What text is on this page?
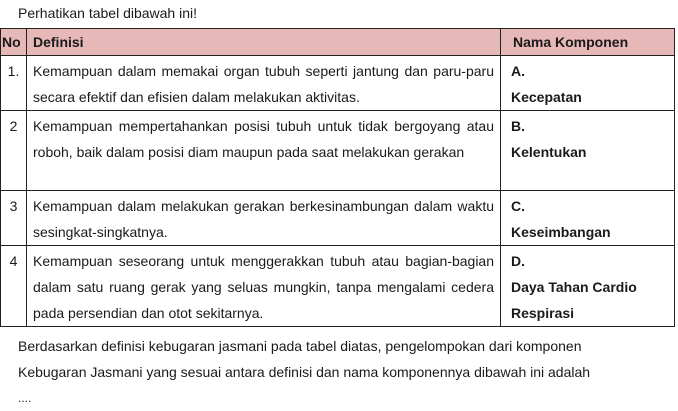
Perhatikan tabel dibawah ini!
No	Definisi	Nama Komponen
1.	Kemampuan dalam memakai organ tubuh seperti jantung dan paru-paru secara efektif dan efisien dalam melakukan aktivitas.	A.Kecepatan
2	Kemampuan mempertahankan posisi tubuh untuk tidak bergoyang atau roboh, baik dalam posisi diam maupun pada saat melakukan gerakan	B.Kelentukan
3	Kemampuan dalam melakukan gerakan berkesinambungan dalam waktu sesingkat-singkatnya.	C.Keseimbangan
4	Kemampuan seseorang untuk menggerakkan tubuh atau bagian-bagian dalam satu ruang gerak yang seluas mungkin, tanpa mengalami cedera pada persendian dan otot sekitarnya.	D.Daya Tahan Cardio Respirasi
Berdasarkan definisi kebugaran jasmani pada tabel diatas, pengelompokan dari komponen
Kebugaran Jasmani yang sesuai antara definisi dan nama komponennya dibawah ini adalah
....
